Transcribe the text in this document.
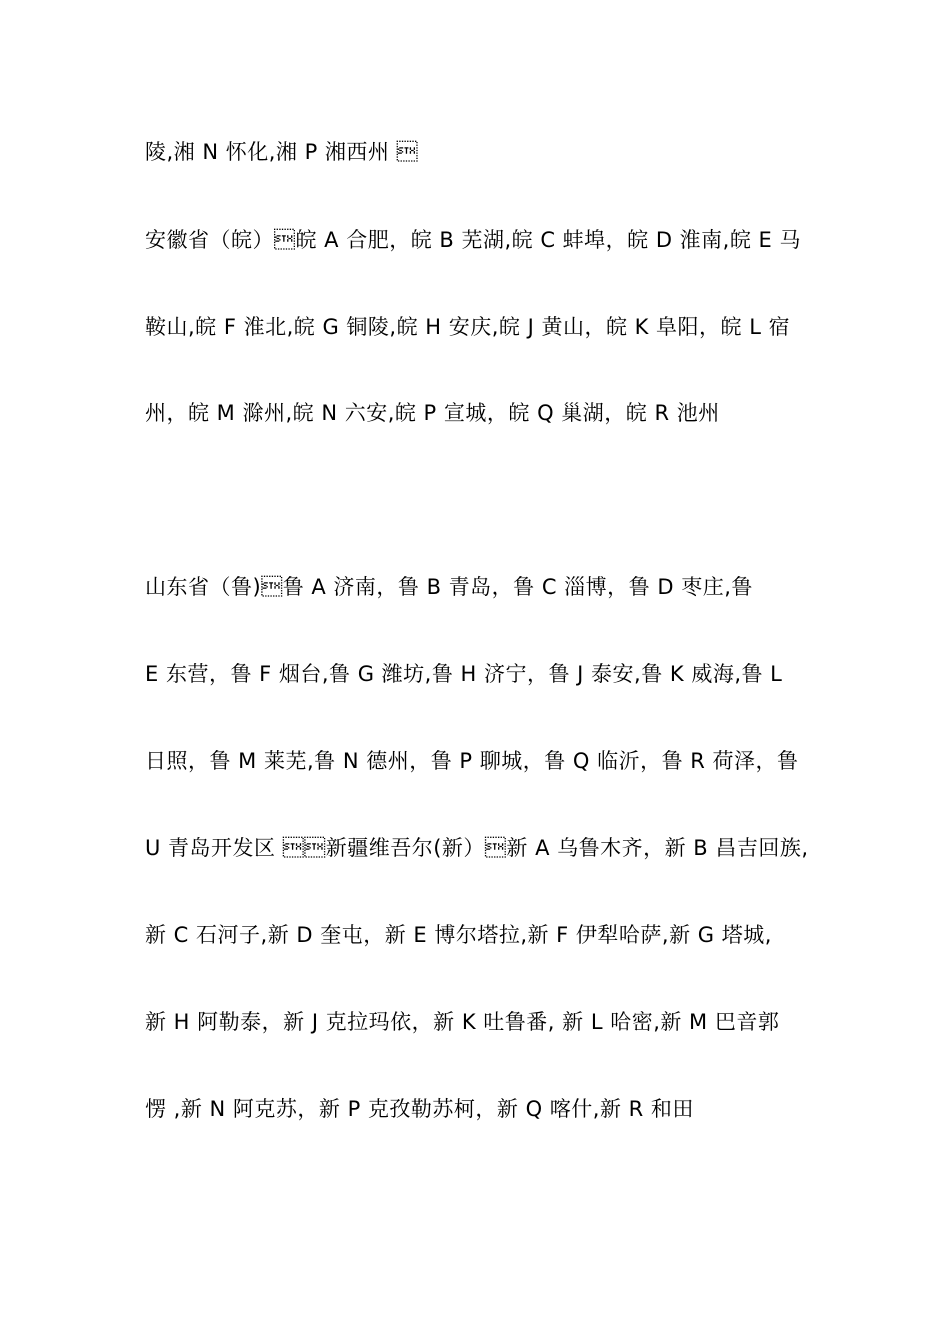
陵,湘 N 怀化,湘 P 湘西州 
安徽省（皖）皖 A 合肥，皖 B 芜湖,皖 C 蚌埠，皖 D 淮南,皖 E 马
鞍山,皖 F 淮北,皖 G 铜陵,皖 H 安庆,皖 J 黄山，皖 K 阜阳，皖 L 宿
州，皖 M 滁州,皖 N 六安,皖 P 宣城，皖 Q 巢湖，皖 R 池州
山东省（鲁)鲁 A 济南，鲁 B 青岛，鲁 C 淄博，鲁 D 枣庄,鲁
E 东营，鲁 F 烟台,鲁 G 潍坊,鲁 H 济宁，鲁 J 泰安,鲁 K 威海,鲁 L
日照，鲁 M 莱芜,鲁 N 德州，鲁 P 聊城，鲁 Q 临沂，鲁 R 荷泽，鲁
U 青岛开发区 新疆维吾尔(新）新 A 乌鲁木齐，新 B 昌吉回族,
新 C 石河子,新 D 奎屯，新 E 博尔塔拉,新 F 伊犁哈萨,新 G 塔城,
新 H 阿勒泰，新 J 克拉玛依，新 K 吐鲁番, 新 L 哈密,新 M 巴音郭
愣 ,新 N 阿克苏，新 P 克孜勒苏柯，新 Q 喀什,新 R 和田
